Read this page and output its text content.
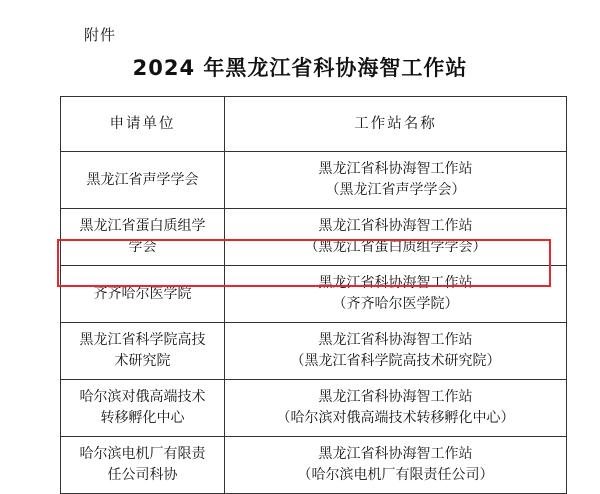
附件
2024 年黑龙江省科协海智工作站
申请单位	工作站名称

黑龙江省声学学会	黑龙江省科协海智工作站
（黑龙江省声学学会）

黑龙江省蛋白质组学
学会	黑龙江省科协海智工作站
（黑龙江省蛋白质组学学会）

齐齐哈尔医学院	黑龙江省科协海智工作站
（齐齐哈尔医学院）

黑龙江省科学院高技
术研究院	黑龙江省科协海智工作站
（黑龙江省科学院高技术研究院）

哈尔滨对俄高端技术
转移孵化中心	黑龙江省科协海智工作站
（哈尔滨对俄高端技术转移孵化中心）

哈尔滨电机厂有限责
任公司科协	黑龙江省科协海智工作站
（哈尔滨电机厂有限责任公司）
